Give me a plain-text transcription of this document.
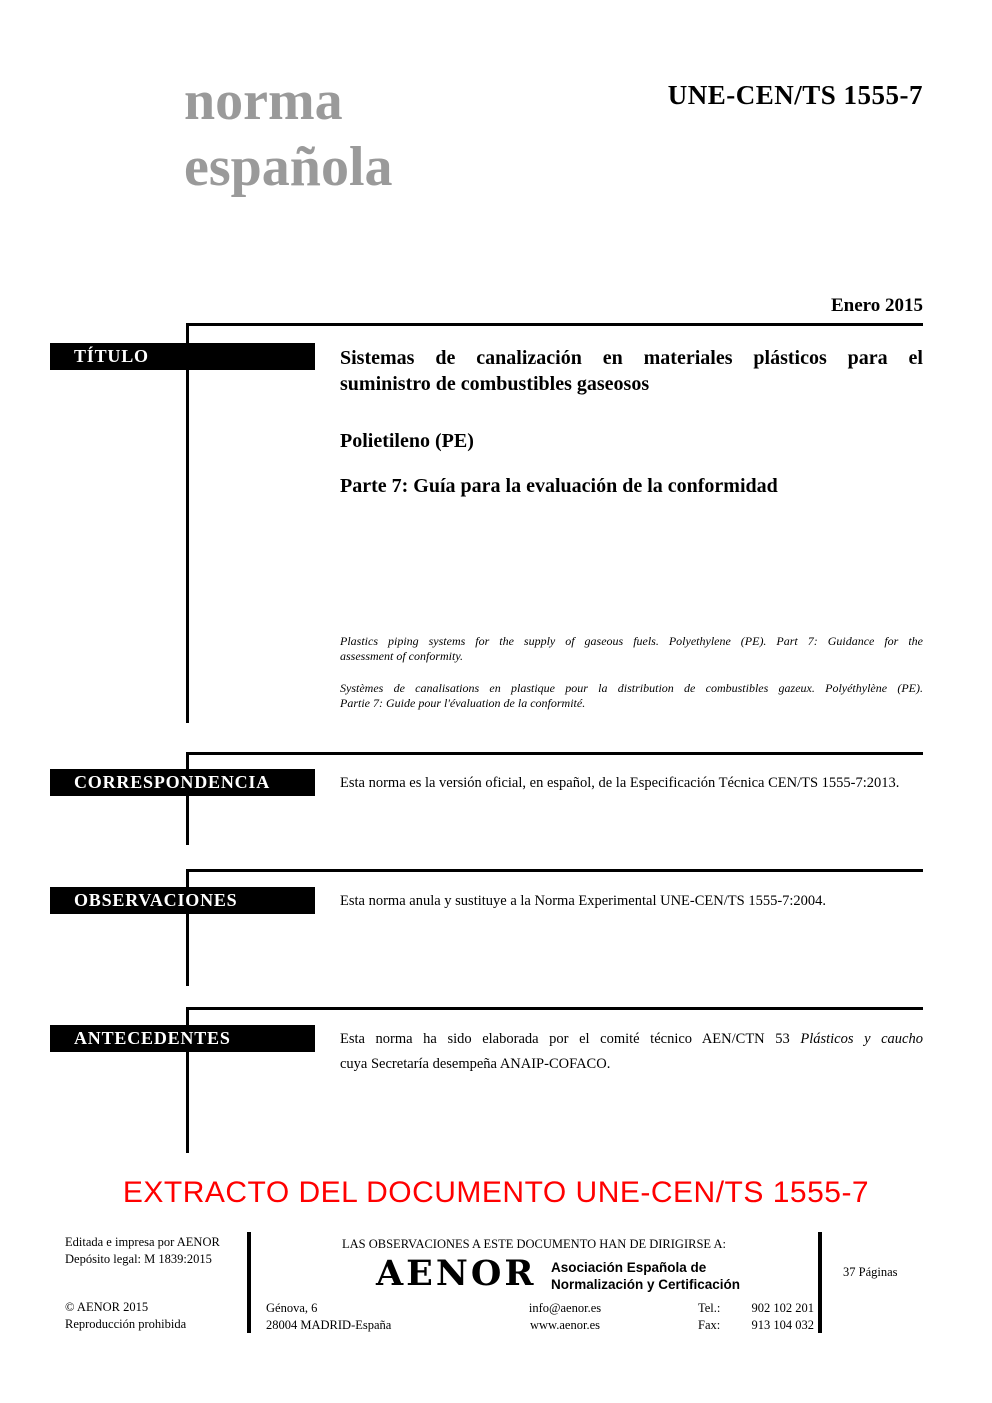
norma
española
UNE-CEN/TS 1555-7
Enero 2015
TÍTULO
CORRESPONDENCIA
OBSERVACIONES
ANTECEDENTES
Sistemas de canalización en materiales plásticos para el
suministro de combustibles gaseosos
Polietileno (PE)
Parte 7: Guía para la evaluación de la conformidad
Plastics piping systems for the supply of gaseous fuels. Polyethylene (PE). Part 7: Guidance for the
assessment of conformity.
Systèmes de canalisations en plastique pour la distribution de combustibles gazeux. Polyéthylène (PE).
Partie 7: Guide pour l'évaluation de la conformité.
Esta norma es la versión oficial, en español, de la Especificación Técnica CEN/TS 1555-7:2013.
Esta norma anula y sustituye a la Norma Experimental UNE-CEN/TS 1555-7:2004.
Esta norma ha sido elaborada por el comité técnico AEN/CTN 53 Plásticos y caucho
cuya Secretaría desempeña ANAIP-COFACO.
EXTRACTO DEL DOCUMENTO UNE-CEN/TS 1555-7
Editada e impresa por AENOR
Depósito legal: M 1839:2015
© AENOR 2015
Reproducción prohibida
LAS OBSERVACIONES A ESTE DOCUMENTO HAN DE DIRIGIRSE A:
AENOR Asociación Española de
Normalización y Certificación
Génova, 6
28004 MADRID-España
info@aenor.es
www.aenor.es
Tel.: 902 102 201
Fax:	913 104 032
37 Páginas
